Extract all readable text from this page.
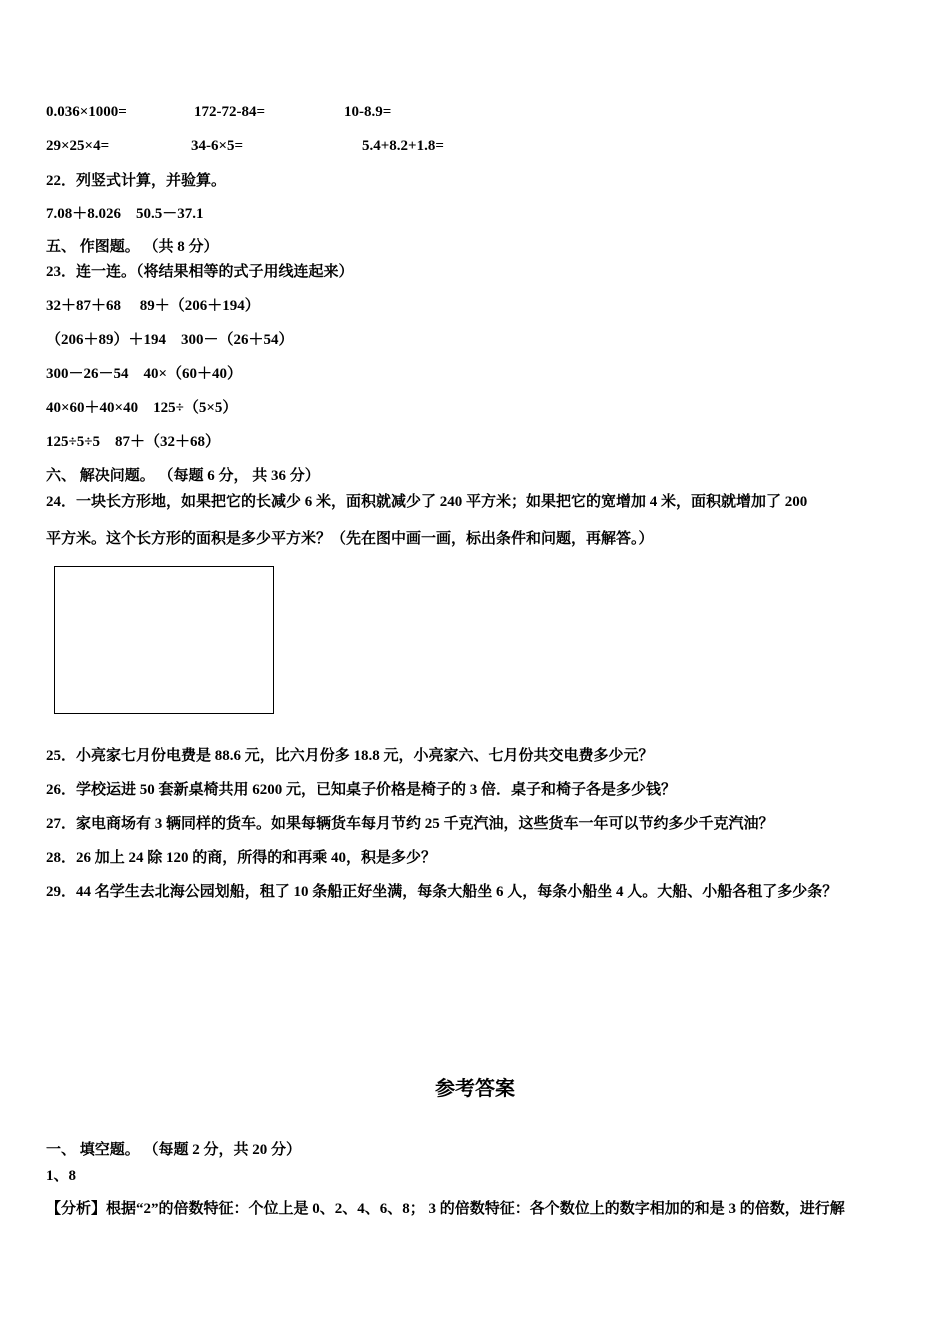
0.036×1000=	172-72-84=	10-8.9=
29×25×4=	34-6×5=	5.4+8.2+1.8=
22．列竖式计算，并验算。
7.08＋8.026　50.5－37.1
五、 作图题。 （共 8 分）
23．连一连。（将结果相等的式子用线连起来）
32＋87＋68　 89＋（206＋194）
（206＋89）＋194　300－（26＋54）
300－26－54　40×（60＋40）
40×60＋40×40　125÷（5×5）
125÷5÷5　87＋（32＋68）
六、 解决问题。 （每题 6 分， 共 36 分）
24．一块长方形地，如果把它的长减少 6 米，面积就减少了 240 平方米；如果把它的宽增加 4 米，面积就增加了 200
平方米。这个长方形的面积是多少平方米？（先在图中画一画，标出条件和问题，再解答。）
25．小亮家七月份电费是 88.6 元，比六月份多 18.8 元，小亮家六、七月份共交电费多少元？
26．学校运进 50 套新桌椅共用 6200 元，已知桌子价格是椅子的 3 倍．桌子和椅子各是多少钱？
27．家电商场有 3 辆同样的货车。如果每辆货车每月节约 25 千克汽油，这些货车一年可以节约多少千克汽油？
28．26 加上 24 除 120 的商，所得的和再乘 40，积是多少？
29．44 名学生去北海公园划船，租了 10 条船正好坐满，每条大船坐 6 人，每条小船坐 4 人。大船、小船各租了多少条？
参考答案
一、 填空题。 （每题 2 分，共 20 分）
1、8
【分析】根据“2”的倍数特征：个位上是 0、2、4、6、8； 3 的倍数特征：各个数位上的数字相加的和是 3 的倍数，进行解
